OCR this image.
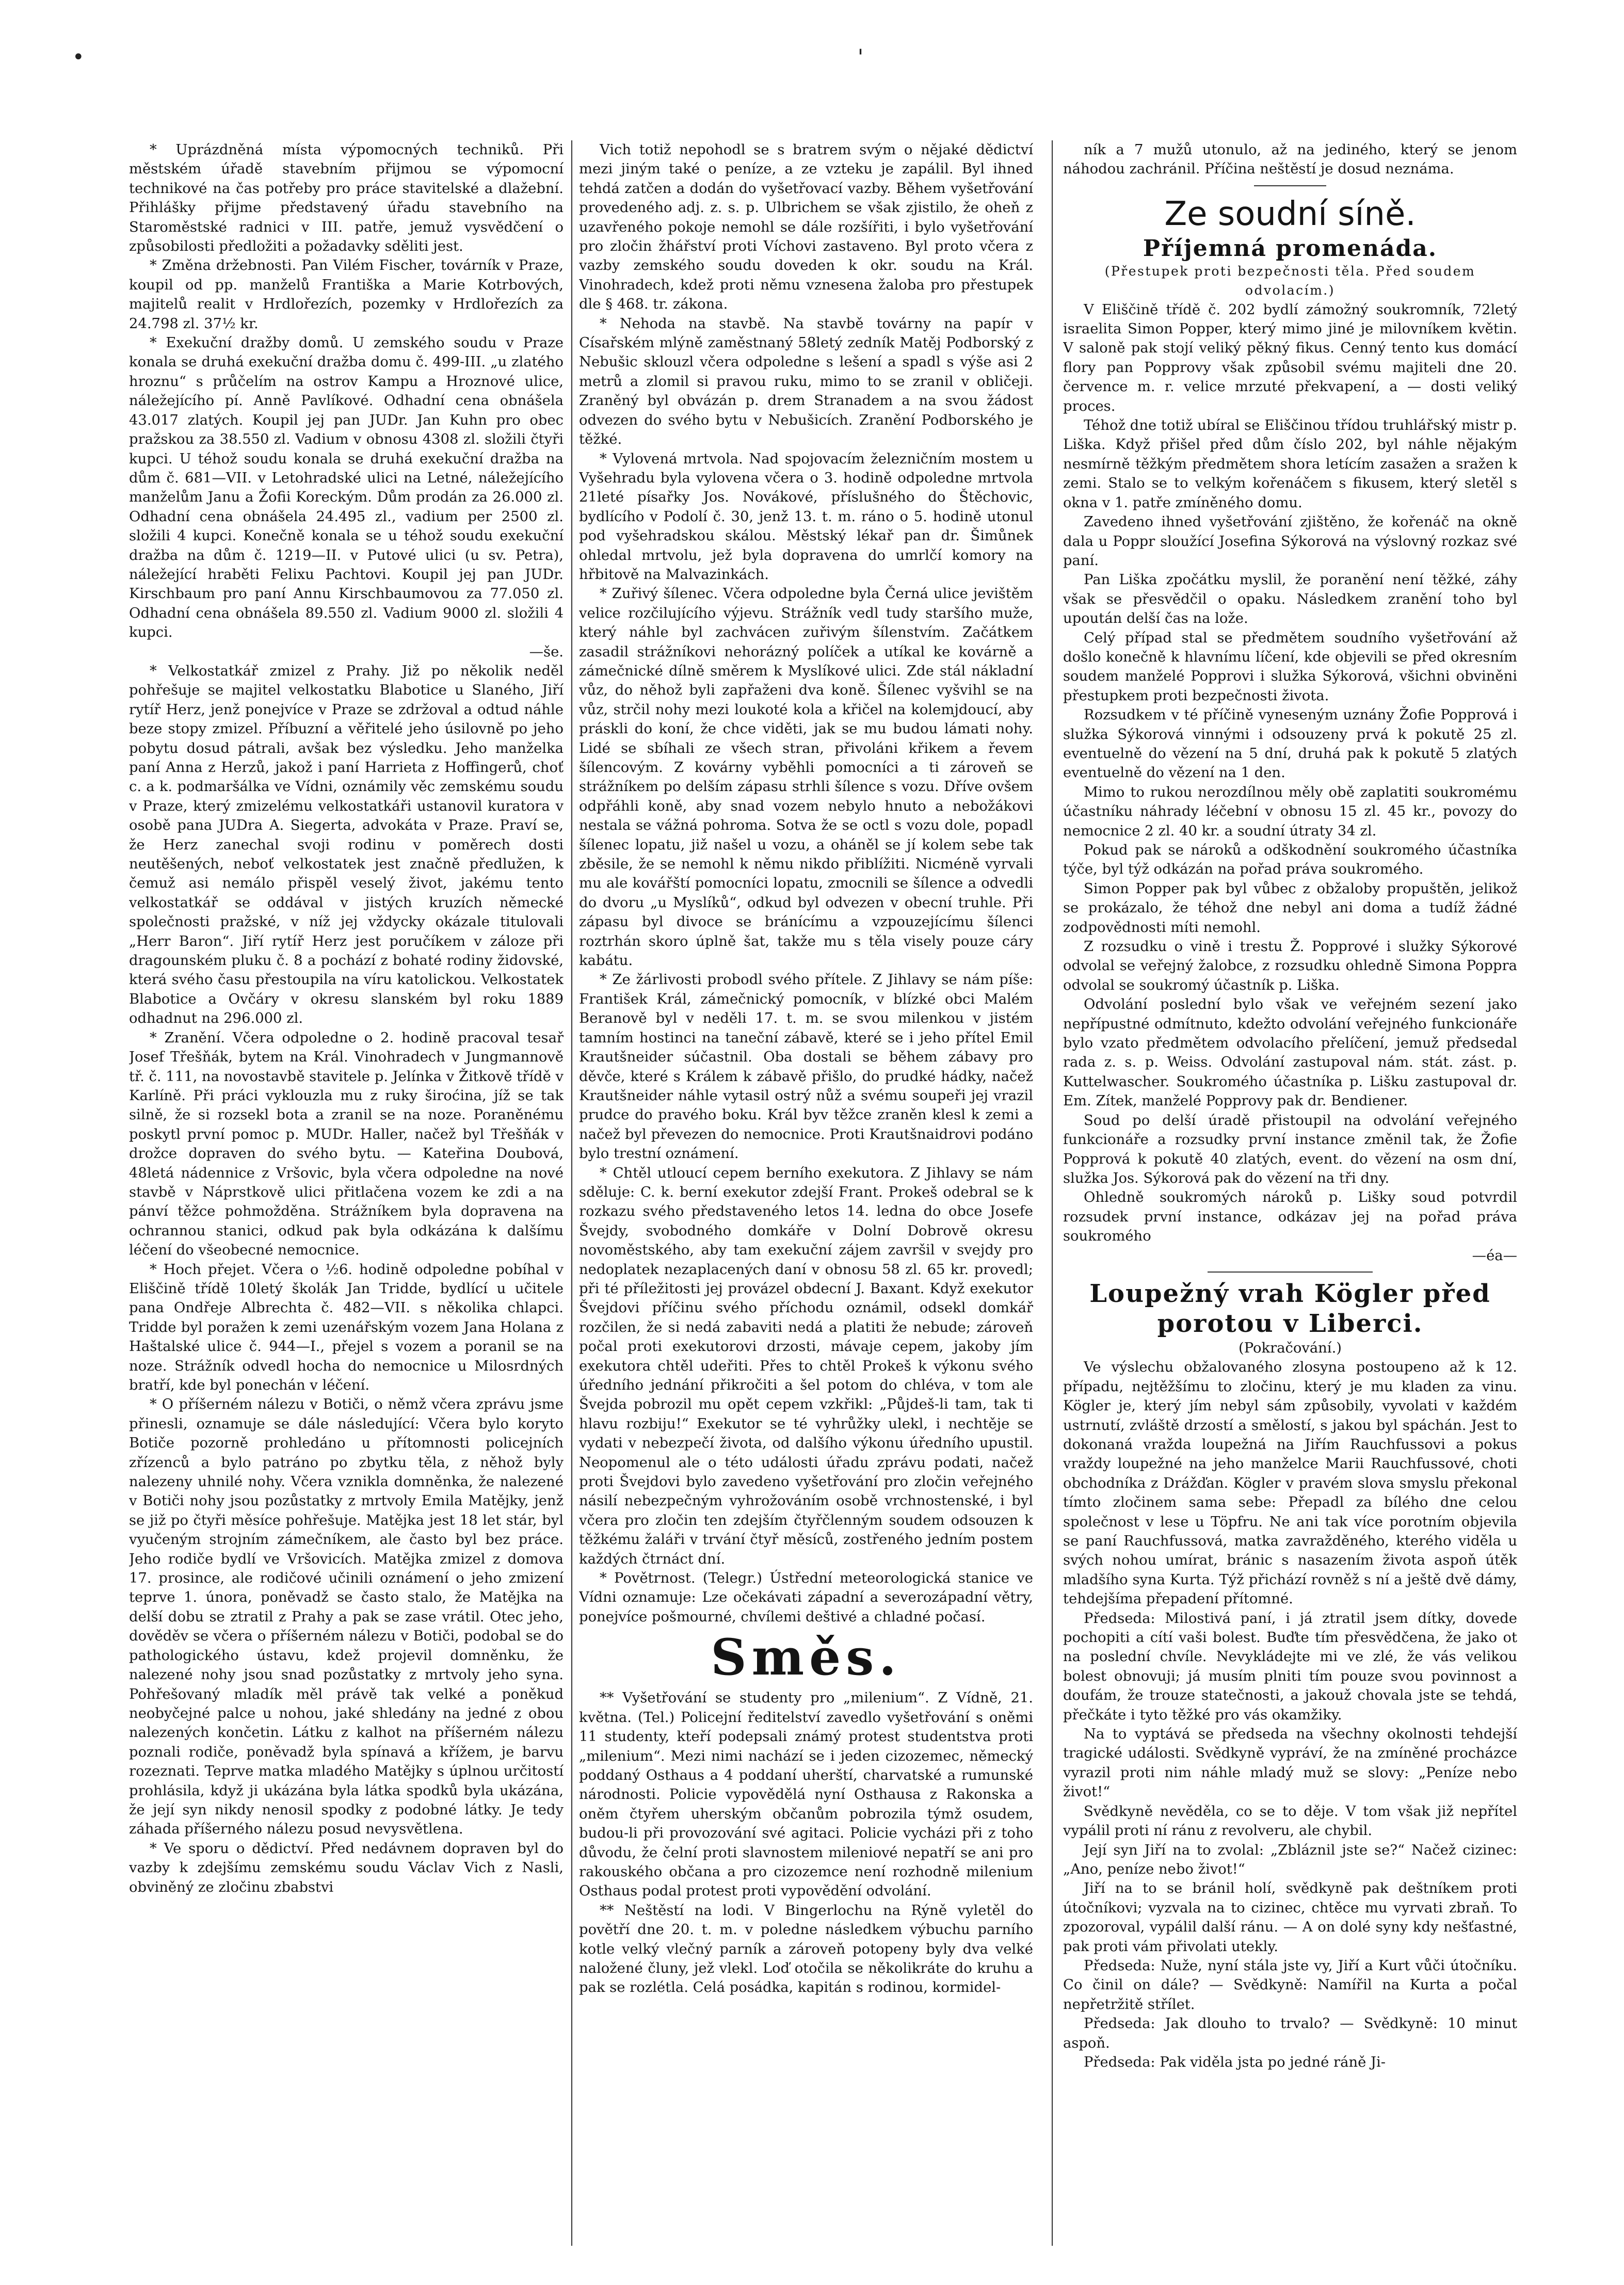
•	'

* Uprázdněná místa výpomocných techniků. Při městském úřadě stavebním přijmou se výpomocní technikové na čas potřeby pro práce stavitelské a dlažební. Přihlášky přijme představený úřadu stavebního na Staroměstské radnici v III. patře, jemuž vysvědčení o způsobilosti předložiti a požadavky sděliti jest.

* Změna držebnosti. Pan Vilém Fischer, továrník v Praze, koupil od pp. manželů Františka a Marie Kotrbových, majitelů realit v Hrdlořezích, pozemky v Hrdlořezích za 24.798 zl. 37½ kr.

* Exekuční dražby domů. U zemského soudu v Praze konala se druhá exekuční dražba domu č. 499-III. „u zlatého hroznu“ s průčelím na ostrov Kampu a Hroznové ulice, náležejícího pí. Anně Pavlíkové. Odhadní cena obnášela 43.017 zlatých. Koupil jej pan JUDr. Jan Kuhn pro obec pražskou za 38.550 zl. Vadium v obnosu 4308 zl. složili čtyři kupci. U téhož soudu konala se druhá exekuční dražba na dům č. 681—VII. v Letohradské ulici na Letné, náležejícího manželům Janu a Žofii Koreckým. Dům prodán za 26.000 zl. Odhadní cena obnášela 24.495 zl., vadium per 2500 zl. složili 4 kupci. Konečně konala se u téhož soudu exekuční dražba na dům č. 1219—II. v Putové ulici (u sv. Petra), náležející hraběti Felixu Pachtovi. Koupil jej pan JUDr. Kirschbaum pro paní Annu Kirschbaumovou za 77.050 zl. Odhadní cena obnášela 89.550 zl. Vadium 9000 zl. složili 4 kupci.

—še.

* Velkostatkář zmizel z Prahy. Již po několik neděl pohřešuje se majitel velkostatku Blabotice u Slaného, Jiří rytíř Herz, jenž ponejvíce v Praze se zdržoval a odtud náhle beze stopy zmizel. Příbuzní a věřitelé jeho úsilovně po jeho pobytu dosud pátrali, avšak bez výsledku. Jeho manželka paní Anna z Herzů, jakož i paní Harrieta z Hoffingerů, choť c. a k. podmaršálka ve Vídni, oznámily věc zemskému soudu v Praze, který zmizelému velkostatkáři ustanovil kuratora v osobě pana JUDra A. Siegerta, advokáta v Praze. Praví se, že Herz zanechal svoji rodinu v poměrech dosti neutěšených, neboť velkostatek jest značně předlužen, k čemuž asi nemálo přispěl veselý život, jakému tento velkostatkář se oddával v jistých kruzích německé společnosti pražské, v níž jej vždycky okázale titulovali „Herr Baron“. Jiří rytíř Herz jest poručíkem v záloze při dragounském pluku č. 8 a pochází z bohaté rodiny židovské, která svého času přestoupila na víru katolickou. Velkostatek Blabotice a Ovčáry v okresu slanském byl roku 1889 odhadnut na 296.000 zl.

* Zranění. Včera odpoledne o 2. hodině pracoval tesař Josef Třešňák, bytem na Král. Vinohradech v Jungmannově tř. č. 111, na novostavbě stavitele p. Jelínka v Žitkově třídě v Karlíně. Při práci vyklouzla mu z ruky široćina, jíž se tak silně, že si rozsekl bota a zranil se na noze. Poraněnému poskytl první pomoc p. MUDr. Haller, načež byl Třešňák v drožce dopraven do svého bytu. — Kateřina Doubová, 48letá nádennice z Vršovic, byla včera odpoledne na nové stavbě v Náprstkově ulici přitlačena vozem ke zdi a na pánví těžce pohmožděna. Strážníkem byla dopravena na ochrannou stanici, odkud pak byla odkázána k dalšímu léčení do všeobecné nemocnice.

* Hoch přejet. Včera o ½6. hodině odpoledne pobíhal v Eliščině třídě 10letý školák Jan Tridde, bydlící u učitele pana Ondřeje Albrechta č. 482—VII. s několika chlapci. Tridde byl poražen k zemi uzenářským vozem Jana Holana z Haštalské ulice č. 944—I., přejel s vozem a poranil se na noze. Strážník odvedl hocha do nemocnice u Milosrdných bratří, kde byl ponechán v léčení.

* O příšerném nálezu v Botiči, o němž včera zprávu jsme přinesli, oznamuje se dále následující: Včera bylo koryto Botiče pozorně prohledáno u přítomnosti policejních zřízenců a bylo patráno po zbytku těla, z něhož byly nalezeny uhnilé nohy. Včera vznikla domněnka, že nalezené v Botiči nohy jsou pozůstatky z mrtvoly Emila Matějky, jenž se již po čtyři měsíce pohřešuje. Matějka jest 18 let stár, byl vyučeným strojním zámečníkem, ale často byl bez práce. Jeho rodiče bydlí ve Vršovicích. Matějka zmizel z domova 17. prosince, ale rodičové učinili oznámení o jeho zmizení teprve 1. února, poněvadž se často stalo, že Matějka na delší dobu se ztratil z Prahy a pak se zase vrátil. Otec jeho, dověděv se včera o příšerném nálezu v Botiči, podobal se do pathologického ústavu, kdež projevil domněnku, že nalezené nohy jsou snad pozůstatky z mrtvoly jeho syna. Pohřešovaný mladík měl právě tak velké a poněkud neobyčejné palce u nohou, jaké shledány na jedné z obou nalezených končetin. Látku z kalhot na příšerném nálezu poznali rodiče, poněvadž byla spínavá a křížem, je barvu rozeznati. Teprve matka mladého Matějky s úplnou určitostí prohlásila, když ji ukázána byla látka spodků byla ukázána, že její syn nikdy nenosil spodky z podobné látky. Je tedy záhada příšerného nálezu posud nevysvětlena.

* Ve sporu o dědictví. Před nedávnem dopraven byl do vazby k zdejšímu zemskému soudu Václav Vich z Nasli, obviněný ze zločinu zbabstvi

Vich totiž nepohodl se s bratrem svým o nějaké dědictví mezi jiným také o peníze, a ze vzteku je zapálil. Byl ihned tehdá zatčen a dodán do vyšetřovací vazby. Během vyšetřování provedeného adj. z. s. p. Ulbrichem se však zjistilo, že oheň z uzavřeného pokoje nemohl se dále rozšířiti, i bylo vyšetřování pro zločin žhářství proti Víchovi zastaveno. Byl proto včera z vazby zemského soudu doveden k okr. soudu na Král. Vinohradech, kdež proti němu vznesena žaloba pro přestupek dle § 468. tr. zákona.

* Nehoda na stavbě. Na stavbě továrny na papír v Císařském mlýně zaměstnaný 58letý zedník Matěj Podborský z Nebušic sklouzl včera odpoledne s lešení a spadl s výše asi 2 metrů a zlomil si pravou ruku, mimo to se zranil v obličeji. Zraněný byl obvázán p. drem Stranadem a na svou žádost odvezen do svého bytu v Nebušicích. Zranění Podborského je těžké.

* Vylovená mrtvola. Nad spojovacím železničním mostem u Vyšehradu byla vylovena včera o 3. hodině odpoledne mrtvola 21leté písařky Jos. Novákové, příslušného do Štěchovic, bydlícího v Podolí č. 30, jenž 13. t. m. ráno o 5. hodině utonul pod vyšehradskou skálou. Městský lékař pan dr. Šimůnek ohledal mrtvolu, jež byla dopravena do umrlčí komory na hřbitově na Malvazinkách.

* Zuřivý šílenec. Včera odpoledne byla Černá ulice jevištěm velice rozčilujícího výjevu. Strážník vedl tudy staršího muže, který náhle byl zachvácen zuřivým šílenstvím. Začátkem zasadil strážníkovi nehorázný políček a utíkal ke kovárně a zámečnické dílně směrem k Myslíkové ulici. Zde stál nákladní vůz, do něhož byli zapřaženi dva koně. Šílenec vyšvihl se na vůz, strčil nohy mezi loukoté kola a křičel na kolemjdoucí, aby práskli do koní, že chce viděti, jak se mu budou lámati nohy. Lidé se sbíhali ze všech stran, přivoláni křikem a řevem šílencovým. Z kovárny vyběhli pomocníci a ti zároveň se strážníkem po delším zápasu strhli šílence s vozu. Dříve ovšem odpřáhli koně, aby snad vozem nebylo hnuto a nebožákovi nestala se vážná pohroma. Sotva že se octl s vozu dole, popadl šílenec lopatu, již našel u vozu, a oháněl se jí kolem sebe tak zběsile, že se nemohl k němu nikdo přiblížiti. Nicméně vyrvali mu ale kovářští pomocníci lopatu, zmocnili se šílence a odvedli do dvoru „u Myslíků“, odkud byl odvezen v obecní truhle. Při zápasu byl divoce se bránícímu a vzpouzejícímu šílenci roztrhán skoro úplně šat, takže mu s těla visely pouze cáry kabátu.

* Ze žárlivosti probodl svého přítele. Z Jihlavy se nám píše: František Král, zámečnický pomocník, v blízké obci Malém Beranově byl v neděli 17. t. m. se svou milenkou v jistém tamním hostinci na taneční zábavě, které se i jeho přítel Emil Krautšneider súčastnil. Oba dostali se během zábavy pro děvče, které s Králem k zábavě přišlo, do prudké hádky, načež Krautšneider náhle vytasil ostrý nůž a svému soupeři jej vrazil prudce do pravého boku. Král byv těžce zraněn klesl k zemi a načež byl převezen do nemocnice. Proti Krautšnaidrovi podáno bylo trestní oznámení.

* Chtěl utloucí cepem berního exekutora. Z Jihlavy se nám sděluje: C. k. berní exekutor zdejší Frant. Prokeš odebral se k rozkazu svého představeného letos 14. ledna do obce Josefe Švejdy, svobodného domkáře v Dolní Dobrově okresu novoměstského, aby tam exekuční zájem završil v svejdy pro nedoplatek nezaplacených daní v obnosu 58 zl. 65 kr. provedl; při té příležitosti jej provázel obdecní J. Baxant. Když exekutor Švejdovi příčinu svého příchodu oznámil, odsekl domkář rozčilen, že si nedá zabaviti nedá a platiti že nebude; zároveň počal proti exekutorovi drzosti, mávaje cepem, jakoby jím exekutora chtěl udeřiti. Přes to chtěl Prokeš k výkonu svého úředního jednání přikročiti a šel potom do chléva, v tom ale Švejda pobrozil mu opět cepem vzkřikl: „Půjdeš-li tam, tak ti hlavu rozbiju!“ Exekutor se té vyhrůžky ulekl, i nechtěje se vydati v nebezpečí života, od dalšího výkonu úředního upustil. Neopomenul ale o této události úřadu zprávu podati, načež proti Švejdovi bylo zavedeno vyšetřování pro zločin veřejného násilí nebezpečným vyhrožováním osobě vrchnostenské, i byl včera pro zločin ten zdejším čtyřčlenným soudem odsouzen k těžkému žaláři v trvání čtyř měsíců, zostřeného jedním postem každých čtrnáct dní.

* Povětrnost. (Telegr.) Ústřední meteorologická stanice ve Vídni oznamuje: Lze očekávati západní a severozápadní větry, ponejvíce pošmourné, chvílemi deštivé a chladné počasí.

Směs.

** Vyšetřování se studenty pro „milenium“. Z Vídně, 21. května. (Tel.) Policejní ředitelství zavedlo vyšetřování s oněmi 11 studenty, kteří podepsali známý protest studentstva proti „milenium“. Mezi nimi nachází se i jeden cizozemec, německý poddaný Osthaus a 4 poddaní uherští, charvatské a rumunské národnosti. Policie vypovědělá nyní Osthausa z Rakonska a oněm čtyřem uherským občanům pobrozila týmž osudem, budou-li při provozování své agitaci. Policie vycházi při z toho důvodu, že čelní proti slavnostem mileniové nepatří se ani pro rakouského občana a pro cizozemce není rozhodně milenium Osthaus podal protest proti vypovědění odvolání.

** Neštěstí na lodi. V Bingerlochu na Rýně vyletěl do povětří dne 20. t. m. v poledne následkem výbuchu parního kotle velký vlečný parník a zároveň potopeny byly dva velké naložené čluny, jež vlekl. Loď otočila se několikráte do kruhu a pak se rozlétla. Celá posádka, kapitán s rodinou, kormidel-

ník a 7 mužů utonulo, až na jediného, který se jenom náhodou zachránil. Příčina neštěstí je dosud neznáma.

Ze soudní síně.
Příjemná promenáda.
(Přestupek proti bezpečnosti těla. Před soudem odvolacím.)

V Eliščině třídě č. 202 bydlí zámožný soukromník, 72letý israelita Simon Popper, který mimo jiné je milovníkem květin. V saloně pak stojí veliký pěkný fikus. Cenný tento kus domácí flory pan Popprovy však způsobil svému majiteli dne 20. července m. r. velice mrzuté překvapení, a — dosti veliký proces.

Téhož dne totiž ubíral se Eliščinou třídou truhlářský mistr p. Liška. Když přišel před dům číslo 202, byl náhle nějakým nesmírně těžkým předmětem shora letícím zasažen a sražen k zemi. Stalo se to velkým kořenáčem s fikusem, který sletěl s okna v 1. patře zmíněného domu.

Zavedeno ihned vyšetřování zjištěno, že kořenáč na okně dala u Poppr sloužící Josefina Sýkorová na výslovný rozkaz své paní.

Pan Liška zpočátku myslil, že poranění není těžké, záhy však se přesvědčil o opaku. Následkem zranění toho byl upoután delší čas na lože.

Celý případ stal se předmětem soudního vyšetřování až došlo konečně k hlavnímu líčení, kde objevili se před okresním soudem manželé Popprovi i služka Sýkorová, všichni obviněni přestupkem proti bezpečnosti života.

Rozsudkem v té příčině vyneseným uznány Žofie Popprová i služka Sýkorová vinnými i odsouzeny prvá k pokutě 25 zl. eventuelně do vězení na 5 dní, druhá pak k pokutě 5 zlatých eventuelně do vězení na 1 den.

Mimo to rukou nerozdílnou měly obě zaplatiti soukromému účastníku náhrady léčební v obnosu 15 zl. 45 kr., povozy do nemocnice 2 zl. 40 kr. a soudní útraty 34 zl.

Pokud pak se nároků a odškodnění soukromého účastníka týče, byl týž odkázán na pořad práva soukromého.

Simon Popper pak byl vůbec z obžaloby propuštěn, jelikož se prokázalo, že téhož dne nebyl ani doma a tudíž žádné zodpovědnosti míti nemohl.

Z rozsudku o vině i trestu Ž. Popprové i služky Sýkorové odvolal se veřejný žalobce, z rozsudku ohledně Simona Poppra odvolal se soukromý účastník p. Liška.

Odvolání poslední bylo však ve veřejném sezení jako nepřípustné odmítnuto, kdežto odvolání veřejného funkcionáře bylo vzato předmětem odvolacího přelíčení, jemuž předsedal rada z. s. p. Weiss. Odvolání zastupoval nám. stát. zást. p. Kuttelwascher. Soukromého účastníka p. Lišku zastupoval dr. Em. Zítek, manželé Popprovy pak dr. Bendiener.

Soud po delší úradě přistoupil na odvolání veřejného funkcionáře a rozsudky první instance změnil tak, že Žofie Popprová k pokutě 40 zlatých, event. do vězení na osm dní, služka Jos. Sýkorová pak do vězení na tři dny.

Ohledně soukromých nároků p. Lišky soud potvrdil rozsudek první instance, odkázav jej na pořad práva soukromého

—éa—
Loupežný vrah Kögler před porotou v Liberci.
(Pokračování.)

Ve výslechu obžalovaného zlosyna postoupeno až k 12. případu, nejtěžšímu to zločinu, který je mu kladen za vinu. Kögler je, který jím nebyl sám způsobily, vyvolati v každém ustrnutí, zvláště drzostí a smělostí, s jakou byl spáchán. Jest to dokonaná vražda loupežná na Jiřím Rauchfussovi a pokus vraždy loupežné na jeho manželce Marii Rauchfussové, choti obchodníka z Drážďan. Kögler v pravém slova smyslu překonal tímto zločinem sama sebe: Přepadl za bílého dne celou společnost v lese u Töpfru. Ne ani tak více porotním objevila se paní Rauchfussová, matka zavražděného, kterého viděla u svých nohou umírat, bránic s nasazením života aspoň útěk mladšího syna Kurta. Týž přichází rovněž s ní a ještě dvě dámy, tehdejšíma přepadení přítomné.

Předseda: Milostivá paní, i já ztratil jsem dítky, dovede pochopiti a cítí vaši bolest. Buďte tím přesvědčena, že jako ot na poslední chvíle. Nevykládejte mi ve zlé, že vás velikou bolest obnovuji; já musím plniti tím pouze svou povinnost a doufám, že trouze statečnosti, a jakouž chovala jste se tehdá, přečkáte i tyto těžké pro vás okamžiky.

Na to vyptává se předseda na všechny okolnosti tehdejší tragické události. Svědkyně vypráví, že na zmíněné procházce vyrazil proti nim náhle mladý muž se slovy: „Peníze nebo život!“

Svědkyně nevěděla, co se to děje. V tom však již nepřítel vypálil proti ní ránu z revolveru, ale chybil.

Její syn Jiří na to zvolal: „Zbláznil jste se?“ Načež cizinec: „Ano, peníze nebo život!“

Jiří na to se bránil holí, svědkyně pak deštníkem proti útočníkovi; vyzvala na to cizinec, chtěce mu vyrvati zbraň. To zpozoroval, vypálil další ránu. — A on dolé syny kdy nešťastné, pak proti vám přivolati utekly.

Předseda: Nuže, nyní stála jste vy, Jiří a Kurt vůči útočníku. Co činil on dále? — Svědkyně: Namířil na Kurta a počal nepřetržitě střílet.

Předseda: Jak dlouho to trvalo? — Svědkyně: 10 minut aspoň.

Předseda: Pak viděla jsta po jedné ráně Ji-
